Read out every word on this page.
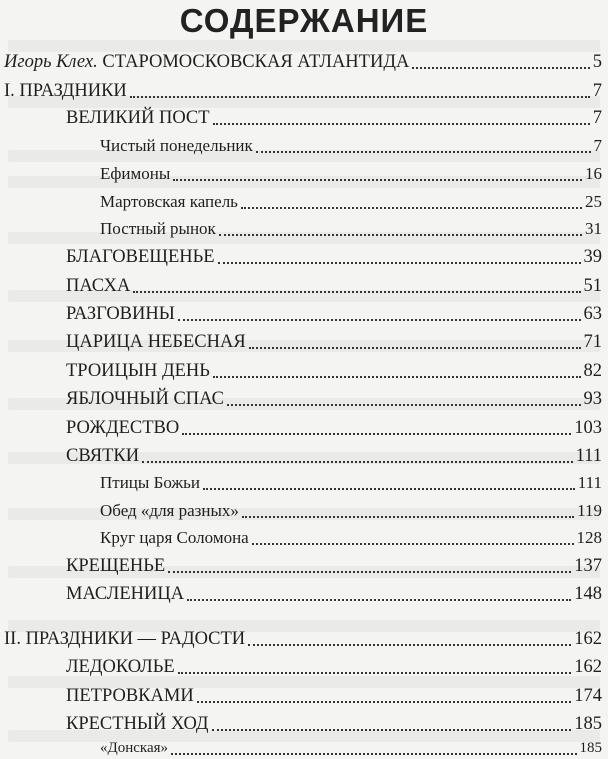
СОДЕРЖАНИЕ
Игорь Клех. СТАРОМОСКОВСКАЯ АТЛАНТИДА	5
I. ПРАЗДНИКИ	7
ВЕЛИКИЙ ПОСТ	7
Чистый понедельник	7
Ефимоны	16
Мартовская капель	25
Постный рынок	31
БЛАГОВЕЩЕНЬЕ	39
ПАСХА	51
РАЗГОВИНЫ	63
ЦАРИЦА НЕБЕСНАЯ	71
ТРОИЦЫН ДЕНЬ	82
ЯБЛОЧНЫЙ СПАС	93
РОЖДЕСТВО	103
СВЯТКИ	111
Птицы Божьи	111
Обед «для разных»	119
Круг царя Соломона	128
КРЕЩЕНЬЕ	137
МАСЛЕНИЦА	148
II. ПРАЗДНИКИ — РАДОСТИ	162
ЛЕДОКОЛЬЕ	162
ПЕТРОВКАМИ	174
КРЕСТНЫЙ ХОД	185
«Донская»	185
